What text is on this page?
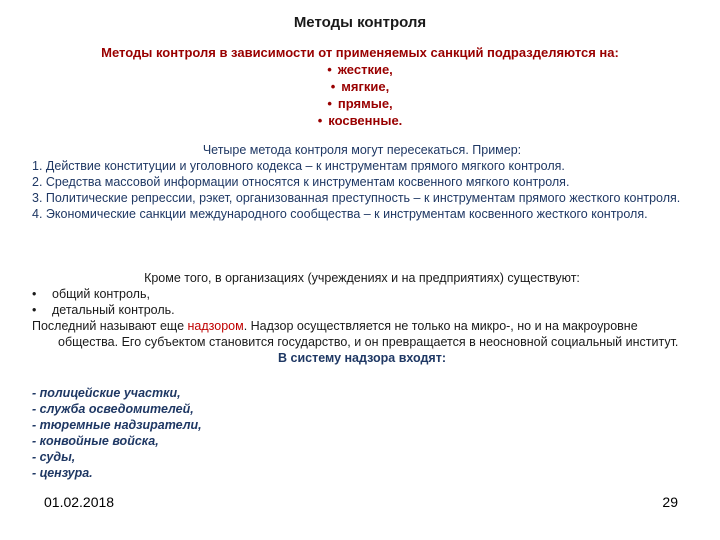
Методы контроля
Методы контроля в зависимости от применяемых санкций подразделяются на:
• жесткие,
• мягкие,
• прямые,
• косвенные.

Четыре метода контроля могут пересекаться. Пример:

1. Действие конституции и уголовного кодекса – к инструментам прямого мягкого контроля.

2. Средства массовой информации относятся к инструментам косвенного мягкого контроля.

3. Политические репрессии, рэкет, организованная преступность – к инструментам прямого жесткого контроля.

4. Экономические санкции международного сообщества – к инструментам косвенного жесткого контроля.

Кроме того, в организациях (учреждениях и на предприятиях) существуют:

• общий контроль,

• детальный контроль.

Последний называют еще надзором. Надзор осуществляется не только на микро-, но и на макроуровне общества. Его субъектом становится государство, и он превращается в неосновной социальный институт.

В систему надзора входят:

- полицейские участки,

- служба осведомителей,

- тюремные надзиратели,

- конвойные войска,

- суды,

- цензура.

01.02.2018	29
